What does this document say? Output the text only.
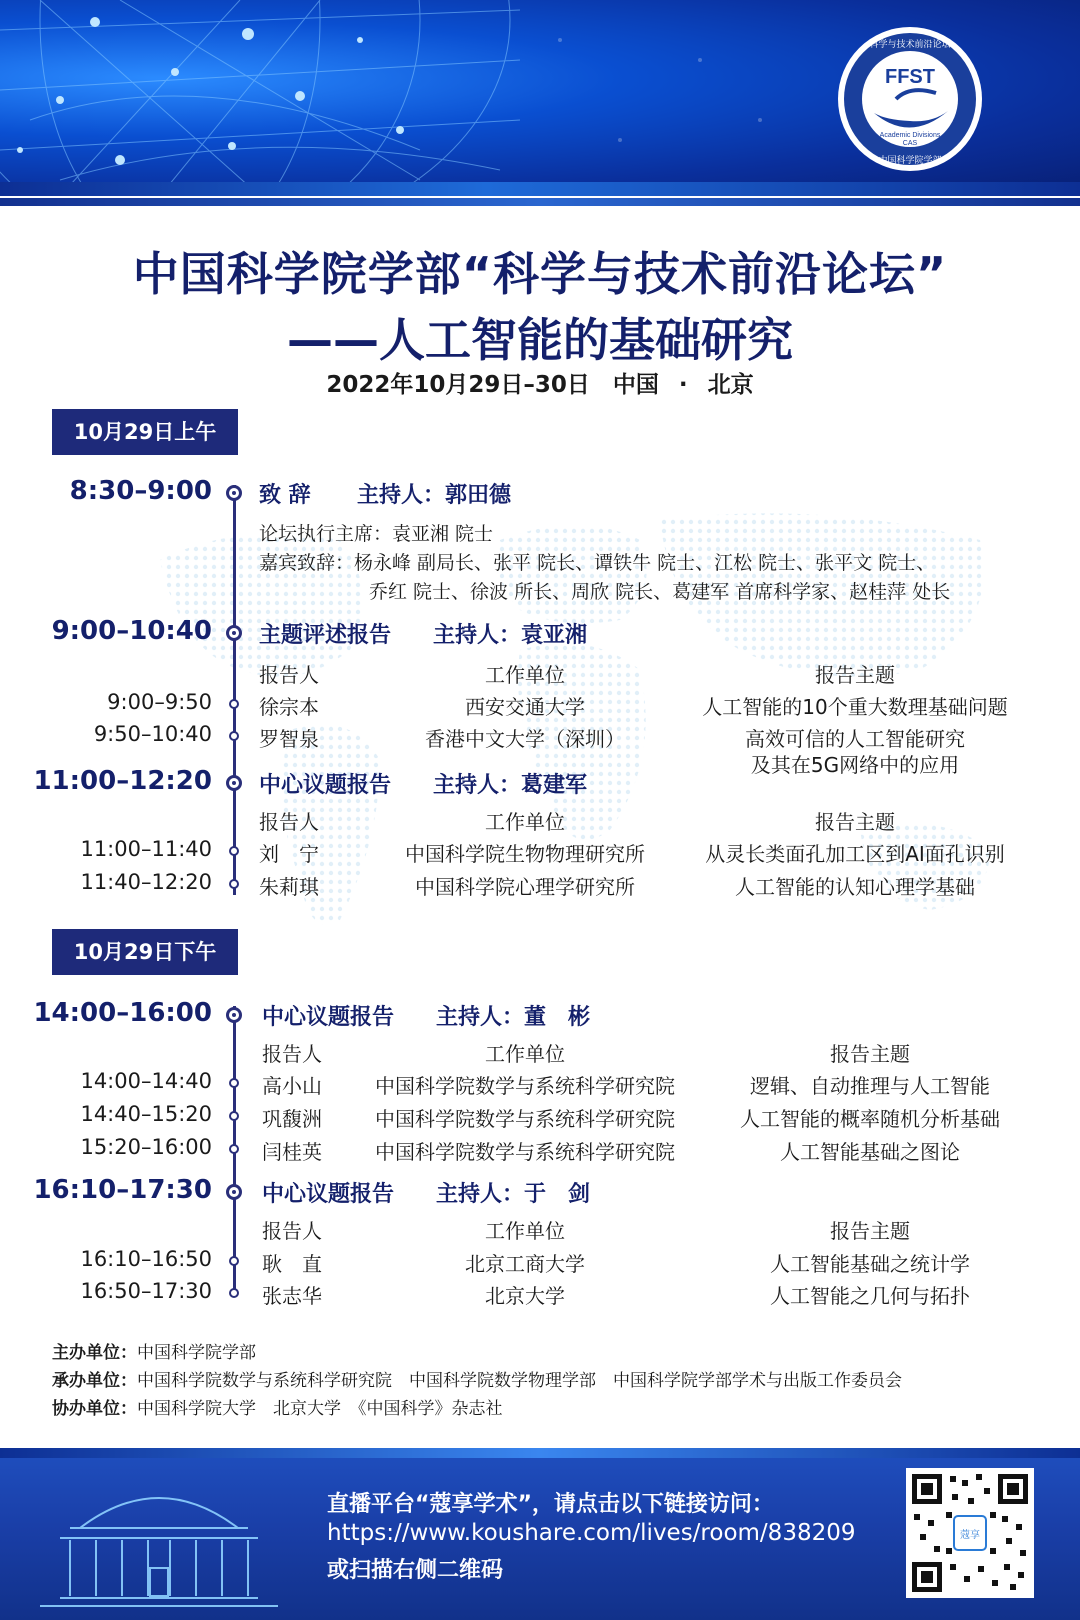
FFST
Academic Divisions
CAS
科学与技术前沿论坛
中国科学院学部
中国科学院学部“科学与技术前沿论坛”
——人工智能的基础研究
2022年10月29日–30日　中国 · 北京
10月29日上午
8:30–9:00 致 辞 主持人：郭田德
论坛执行主席：袁亚湘 院士
嘉宾致辞：杨永峰 副局长、张平 院长、谭铁牛 院士、江松 院士、张平文 院士、
乔红 院士、徐波 所长、周欣 院长、葛建军 首席科学家、赵桂萍 处长
9:00–10:40 主题评述报告 主持人：袁亚湘
报告人	工作单位	报告主题
9:00–9:50 徐宗本	西安交通大学	人工智能的10个重大数理基础问题
9:50–10:40 罗智泉	香港中文大学（深圳）	高效可信的人工智能研究
及其在5G网络中的应用
11:00–12:20 中心议题报告 主持人：葛建军
报告人	工作单位	报告主题
11:00–11:40 刘　宁	中国科学院生物物理研究所	从灵长类面孔加工区到AI面孔识别
11:40–12:20 朱莉琪	中国科学院心理学研究所	人工智能的认知心理学基础
10月29日下午
14:00–16:00 中心议题报告 主持人：董　彬
报告人	工作单位	报告主题
14:00–14:40	高小山	中国科学院数学与系统科学研究院	逻辑、自动推理与人工智能
14:40–15:20	巩馥洲	中国科学院数学与系统科学研究院	人工智能的概率随机分析基础
15:20–16:00	闫桂英	中国科学院数学与系统科学研究院	人工智能基础之图论
16:10–17:30 中心议题报告 主持人：于　剑
报告人	工作单位	报告主题
16:10–16:50	耿　直	北京工商大学	人工智能基础之统计学
16:50–17:30	张志华	北京大学	人工智能之几何与拓扑
主办单位：中国科学院学部
承办单位：中国科学院数学与系统科学研究院　中国科学院数学物理学部　中国科学院学部学术与出版工作委员会
协办单位：中国科学院大学　北京大学　《中国科学》杂志社
直播平台“蔻享学术”，请点击以下链接访问：
https://www.koushare.com/lives/room/838209
或扫描右侧二维码
蔻享
